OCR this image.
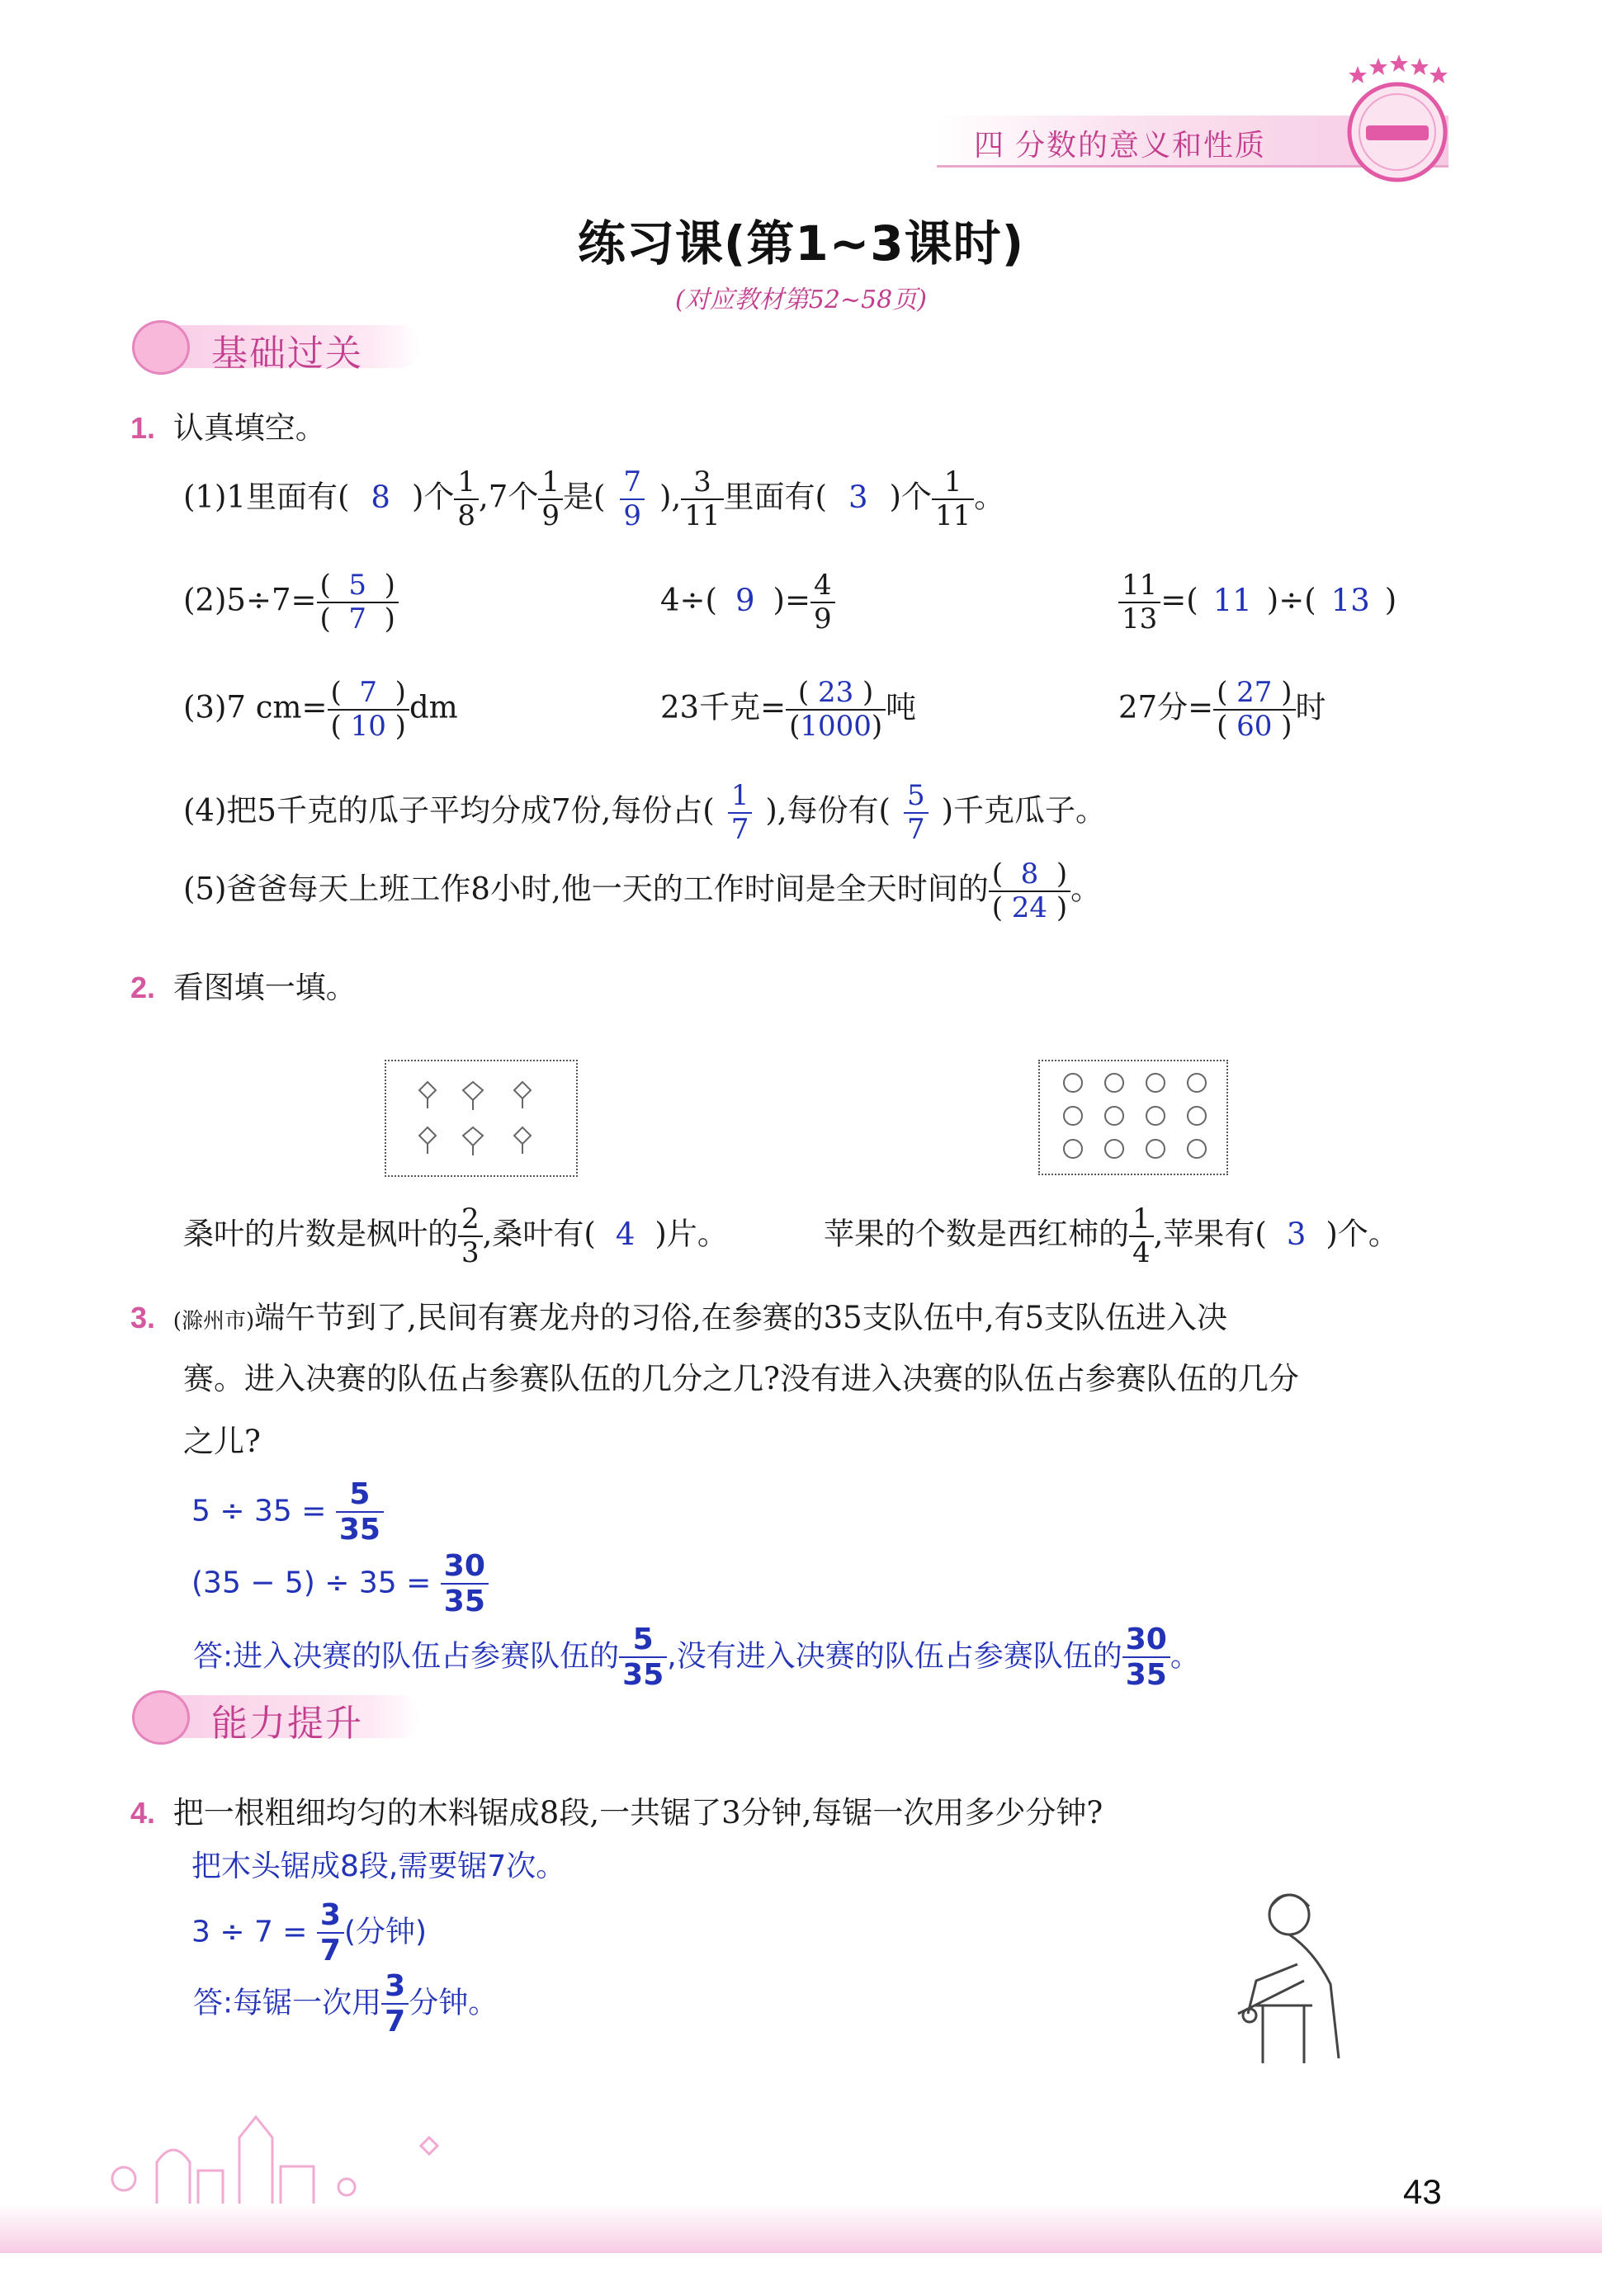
四 分数的意义和性质
练习课(第1~3课时)
(对应教材第52~58页)
基础过关
1. 认真填空。
(1)1里面有( 8 )个 $\frac{1}{8} ,7$个 $\frac{1}{9}$ 是( $\frac{7}{9}$ ), $\frac{3}{11}$ 里面有( 3 )个 $\frac{1}{11}$ 。
$(2)5\div 7= \frac{( 5 )}{( 7 )}$	4÷( 9 )= $\frac{4}{9}$	$\frac{11}{13}$ =( 11 )÷( 13 )
(3)7 $cm= \frac{( 7 )}{( 10 )}$ dm	23千克= $\frac{( 23 )}{(1000)}$ 吨	27分= $\frac{( 27 )}{( 60 )}$ 时
(4)把5千克的瓜子平均分成7份,每份占( $\frac{1}{7}$ ),每份有( $\frac{5}{7}$ )千克瓜子。
(5)爸爸每天上班工作8小时,他一天的工作时间是全天时间的 $\frac{( 8 )}{( 24 )}$ 。
2. 看图填一填。
桑叶的片数是枫叶的 $\frac{2}{3}$ ,桑叶有( 4 )片。	苹果的个数是西红柿的 $\frac{1}{4}$ ,苹果有( 3 )个。
3. (滁州市)端午节到了,民间有赛龙舟的习俗,在参赛的35支队伍中,有5支队伍进入决
赛。进入决赛的队伍占参赛队伍的几分之几?没有进入决赛的队伍占参赛队伍的几分
之儿?
$5 \div 35 = \frac{5}{35}$
$(35 - 5) \div 35 = \frac{30}{35}$
答:进入决赛的队伍占参赛队伍的 $\frac{5}{35}$ ,没有进入决赛的队伍占参赛队伍的 $\frac{30}{35}$ 。
能力提升
4. 把一根粗细均匀的木料锯成8段,一共锯了3分钟,每锯一次用多少分钟?
把木头锯成8段,需要锯7次。
$3 \div 7 = \frac{3}{7}$ (分钟)
答:每锯一次用 $\frac{3}{7}$ 分钟。
43
